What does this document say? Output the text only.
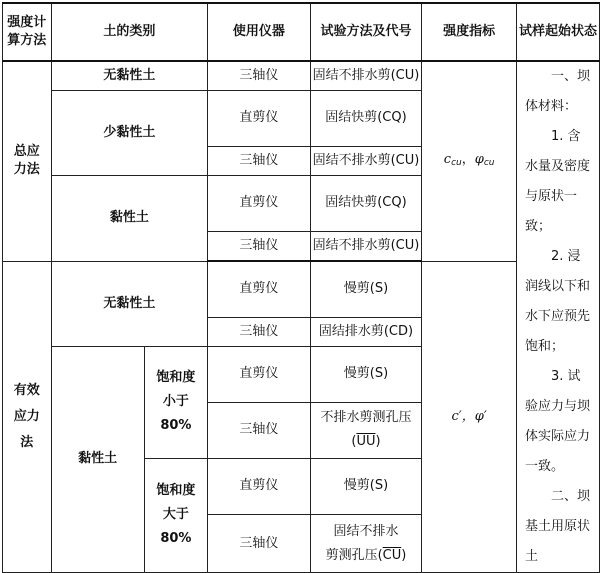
强度计算方法	土的类别		使用仪器	试验方法及代号	强度指标	试样起始状态
总应力法	无黏性土		三轴仪	固结不排水剪(CU)	$c_{cu}$，$\varphi_{cu}$	一、坝体材料：

1. 含水量及密度与原状一致；

2. 浸润线以下和水下应预先饱和；

3. 试验应力与坝体实际应力一致。

二、坝基土用原状土

	少黏性土		直剪仪	固结快剪(CQ)		
			三轴仪	固结不排水剪(CU)		
	黏性土		直剪仪	固结快剪(CQ)		
			三轴仪	固结不排水剪(CU)		
有效应力法	无黏性土		直剪仪	慢剪(S)	c′，φ′	
			三轴仪	固结排水剪(CD)		
	黏性土	饱和度小于80%	直剪仪	慢剪(S)		
			三轴仪	不排水剪测孔压
$(\overline{UU})$		

		饱和度大于80%	直剪仪	慢剪(S)		
			三轴仪	固结不排水
剪测孔压$(\overline{CU})$		
